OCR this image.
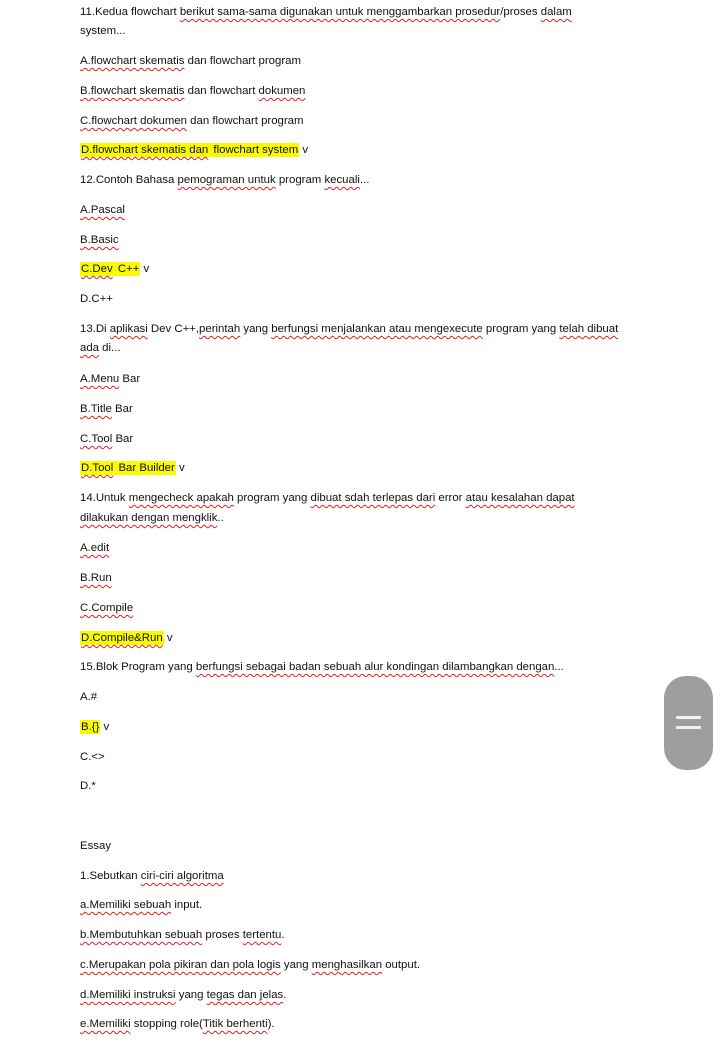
11.Kedua flowchart berikut sama-sama digunakan untuk menggambarkan prosedur/proses dalam
system...
A.flowchart skematis dan flowchart program
B.flowchart skematis dan flowchart dokumen
C.flowchart dokumen dan flowchart program
D.flowchart skematis dan flowchart system v
12.Contoh Bahasa pemograman untuk program kecuali...
A.Pascal
B.Basic
C.Dev C++ v
D.C++
13.Di aplikasi Dev C++,perintah yang berfungsi menjalankan atau mengexecute program yang telah dibuat
ada di...
A.Menu Bar
B.Title Bar
C.Tool Bar
D.Tool Bar Builder v
14.Untuk mengecheck apakah program yang dibuat sdah terlepas dari error atau kesalahan dapat
dilakukan dengan mengklik..
A.edit
B.Run
C.Compile
D.Compile&Run v
15.Blok Program yang berfungsi sebagai badan sebuah alur kondingan dilambangkan dengan...
A.#
B.{} v
C.<>
D.*
Essay
1.Sebutkan ciri-ciri algoritma
a.Memiliki sebuah input.
b.Membutuhkan sebuah proses tertentu.
c.Merupakan pola pikiran dan pola logis yang menghasilkan output.
d.Memiliki instruksi yang tegas dan jelas.
e.Memiliki stopping role(Titik berhenti).
